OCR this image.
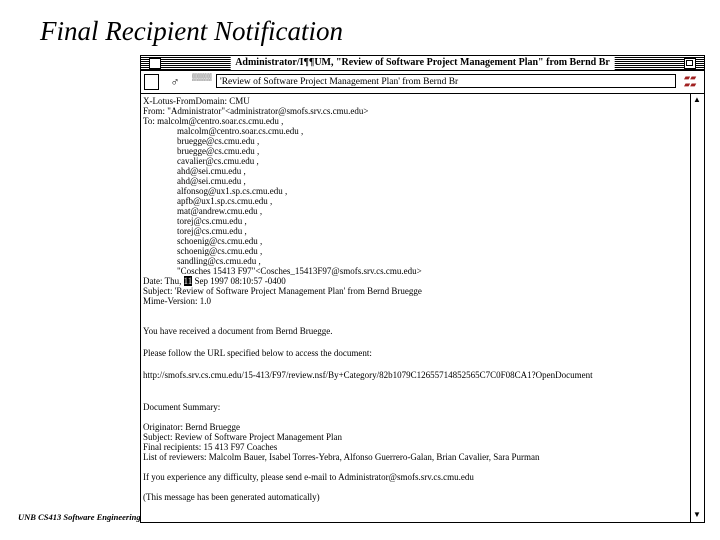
Final Recipient Notification
Administrator/I¶¶UM, "Review of Software Project Management Plan" from Bernd Br
♂	▒▒▒▒ 'Review of Software Project Management Plan' from Bernd Br	▰▰
▰▰
X-Lotus-FromDomain: CMU
From: "Administrator"<administrator@smofs.srv.cs.cmu.edu>
To: malcolm@centro.soar.cs.cmu.edu ,
malcolm@centro.soar.cs.cmu.edu ,
bruegge@cs.cmu.edu ,
bruegge@cs.cmu.edu ,
cavalier@cs.cmu.edu ,
ahd@sei.cmu.edu ,
ahd@sei.cmu.edu ,
alfonsog@ux1.sp.cs.cmu.edu ,
apfb@ux1.sp.cs.cmu.edu ,
mat@andrew.cmu.edu ,
torej@cs.cmu.edu ,
torej@cs.cmu.edu ,
schoenig@cs.cmu.edu ,
schoenig@cs.cmu.edu ,
sandling@cs.cmu.edu ,
"Cosches 15413 F97"<Cosches_15413F97@smofs.srv.cs.cmu.edu>
Date: Thu, 11 Sep 1997 08:10:57 -0400
Subject: 'Review of Software Project Management Plan' from Bernd Bruegge
Mime-Version: 1.0
You have received a document from Bernd Bruegge.
Please follow the URL specified below to access the document:
http://smofs.srv.cs.cmu.edu/15-413/F97/review.nsf/By+Category/82b1079C12655714852565C7C0F08CA1?OpenDocument
Document Summary:
Originator: Bernd Bruegge
Subject: Review of Software Project Management Plan
Final recipients: 15 413 F97 Coaches
List of reviewers: Malcolm Bauer, Isabel Torres-Yebra, Alfonso Guerrero-Galan, Brian Cavalier, Sara Purman
If you experience any difficulty, please send e-mail to Administrator@smofs.srv.cs.cmu.edu
(This message has been generated automatically)
▲
▼
UNB CS413 Software Engineering
